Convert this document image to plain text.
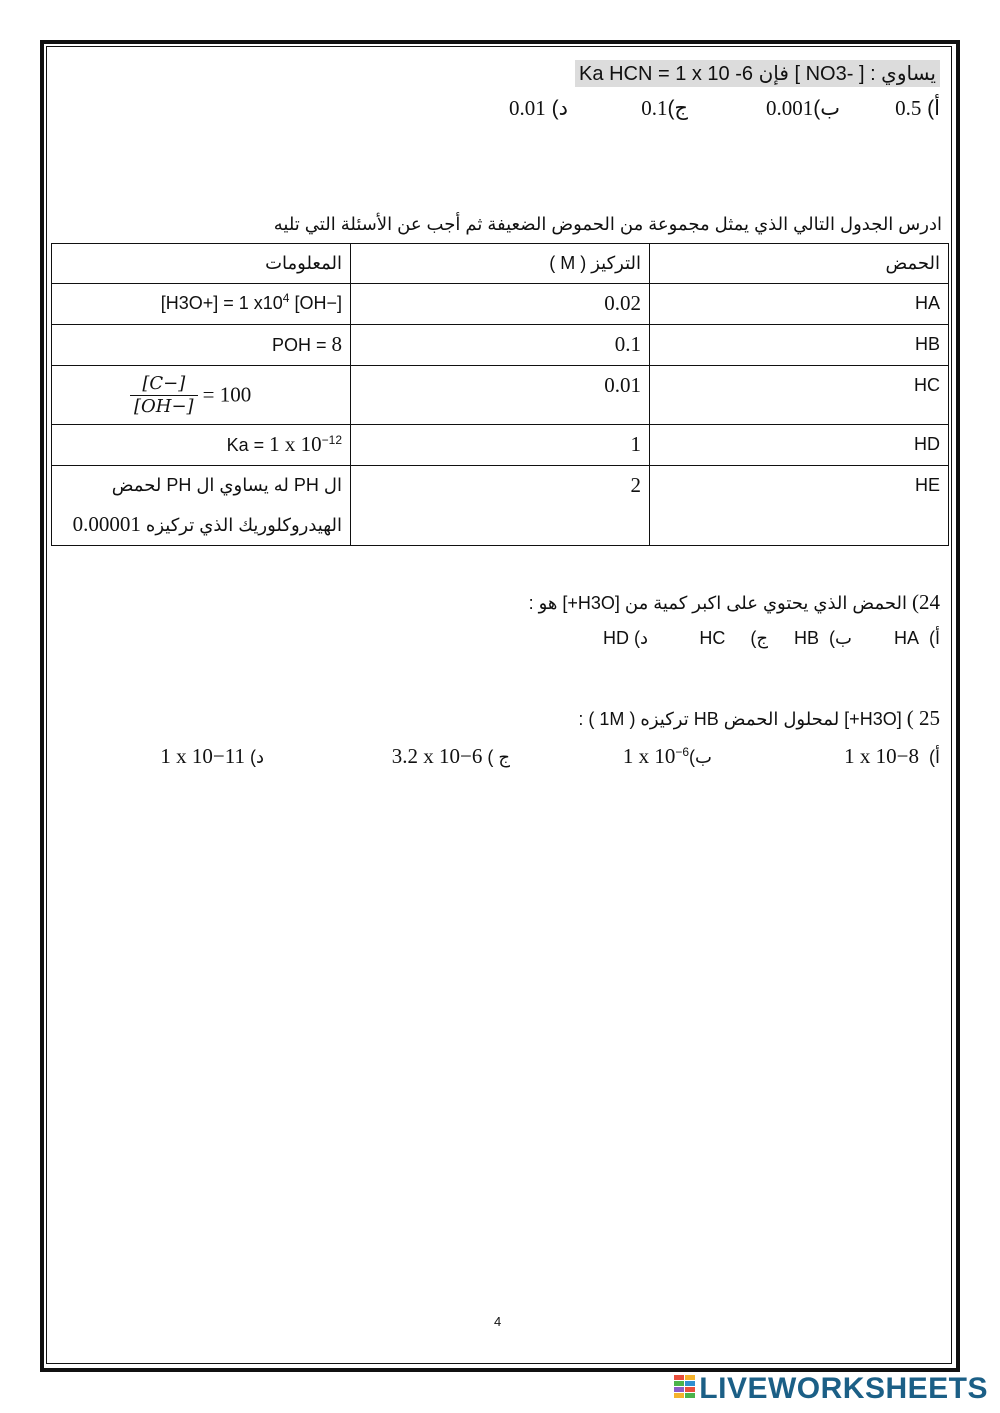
يساوي : [ NO3- ] فإن Ka HCN = 1 x 10 -6
أ) 0.5
ب)0.001
ج)0.1
د) 0.01
ادرس الجدول التالي الذي يمثل مجموعة من الحموض الضعيفة ثم أجب عن الأسئلة التي تليه
الحمض	التركيز ( M )	المعلومات
HA	0.02	[H3O+] = 1 $x10^4$ [OH−]
HB	0.1	POH = 8
HC	0.01	$\frac{[C-]}{[OH-]} = 100$
HD	1	Ka = 1 x $10^{-12}$
HE	2	ال PH له يساوي ال PH لحمض
الهيدروكلوريك الذي تركيزه 0.00001
24) الحمض الذي يحتوي على اكبر كمية من [H3O+] هو :
أ)  HA
ب)  HB
ج)     HC
د) HD
25 ) [H3O+] لمحلول الحمض HB تركيزه ( 1M ) :
أ)  1 x 10−8
ب)1 x $10^{-6}$
ج ) 3.2 x 10−6
د) 1 x 10−11
4
LIVEWORKSHEETS
